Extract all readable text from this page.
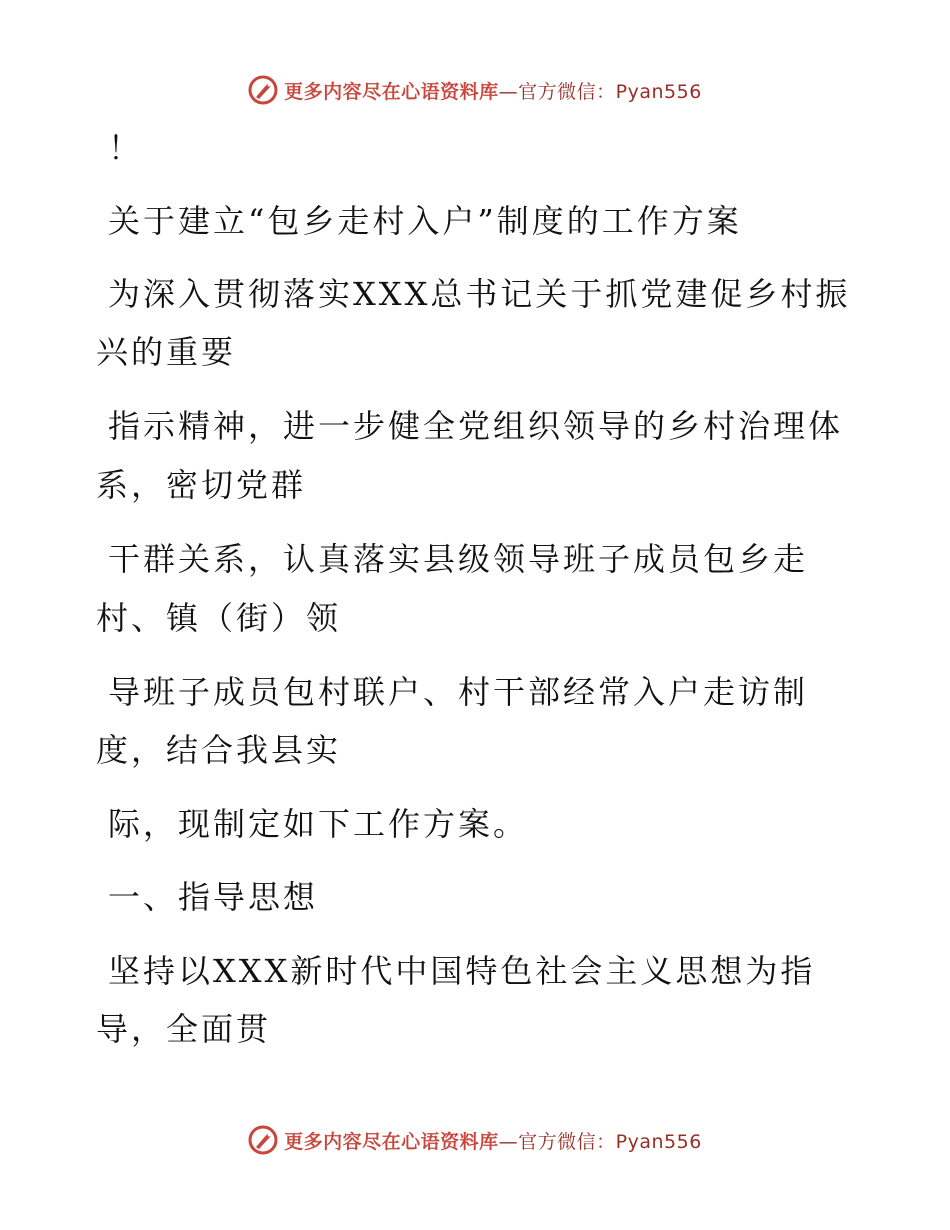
更多内容尽在心语资料库—官方微信：Pyan556
！
关于建立“包乡走村入户”制度的工作方案
为深入贯彻落实XXX总书记关于抓党建促乡村振
兴的重要
指示精神，进一步健全党组织领导的乡村治理体
系，密切党群
干群关系，认真落实县级领导班子成员包乡走
村、镇（街）领
导班子成员包村联户、村干部经常入户走访制
度，结合我县实
际，现制定如下工作方案。
一、指导思想
坚持以XXX新时代中国特色社会主义思想为指
导，全面贯
更多内容尽在心语资料库—官方微信：Pyan556
